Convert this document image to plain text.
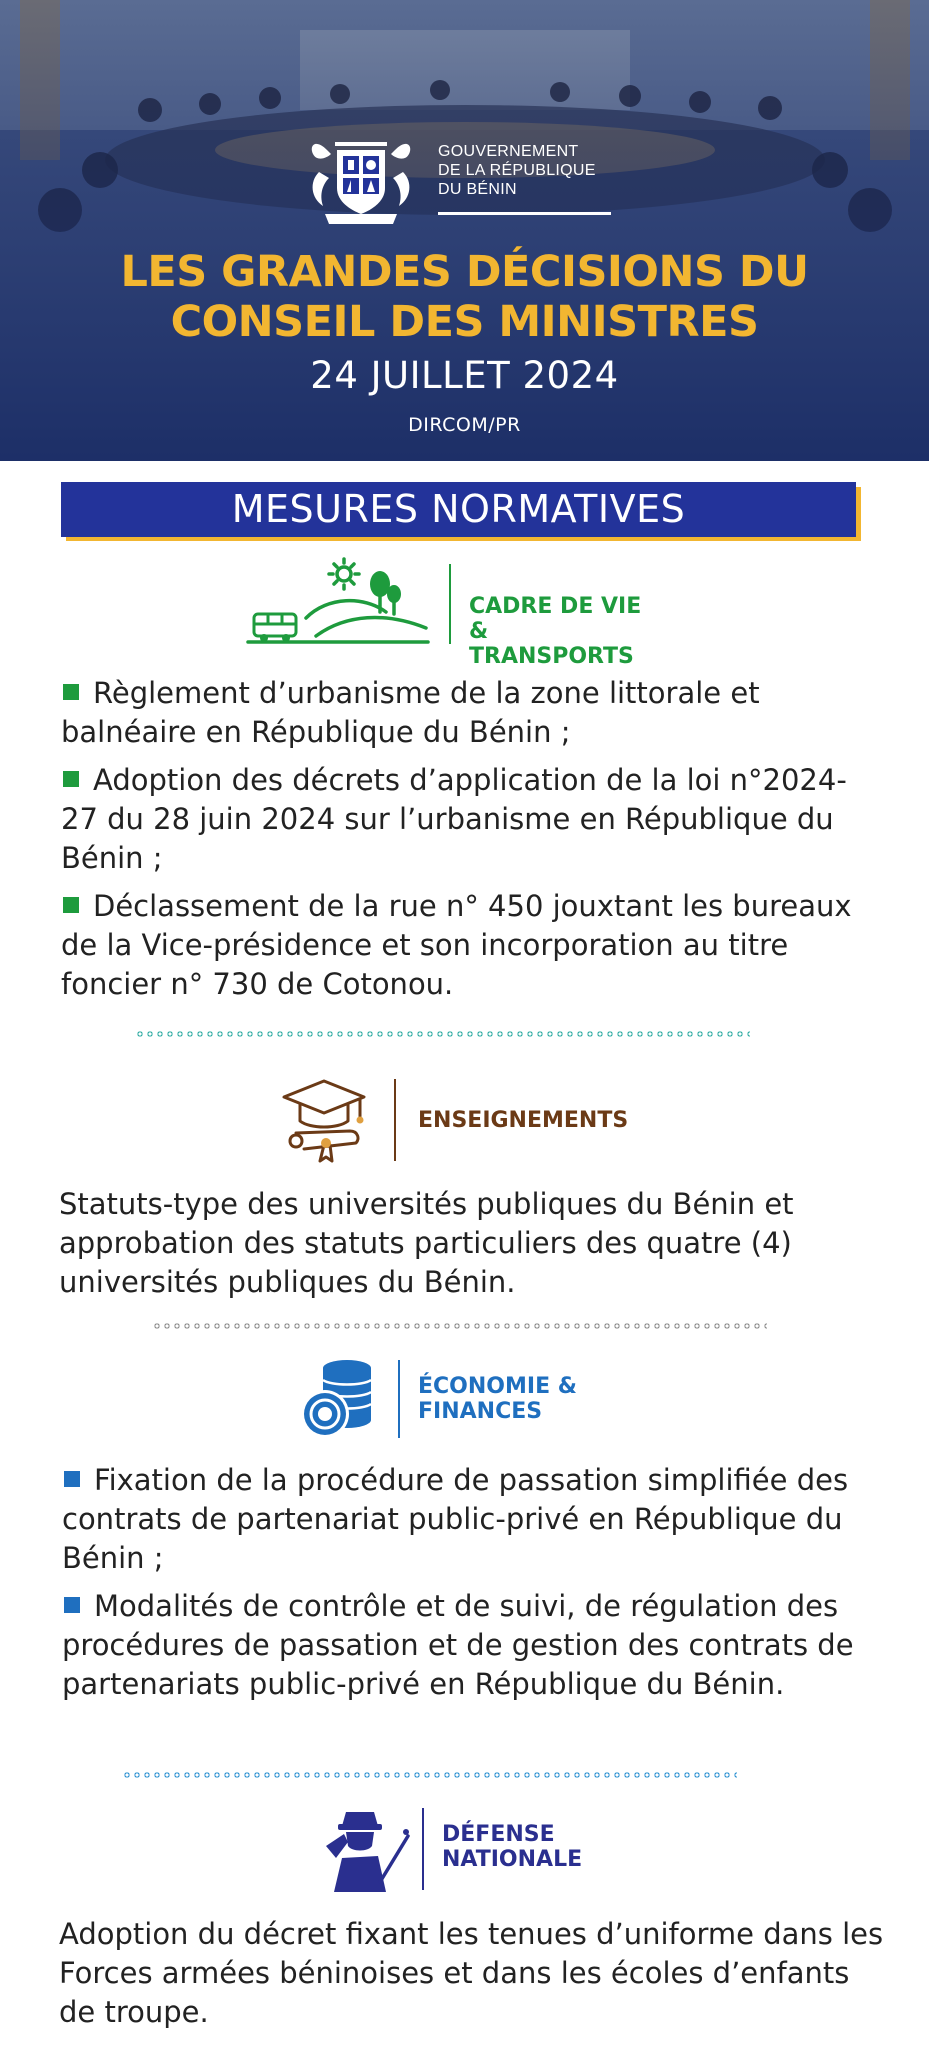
GOUVERNEMENT
DE LA RÉPUBLIQUE
DU BÉNIN
LES GRANDES DÉCISIONS DU
CONSEIL DES MINISTRES
24 JUILLET 2024
DIRCOM/PR
MESURES NORMATIVES
CADRE DE VIE &
TRANSPORTS
Règlement d’urbanisme de la zone littorale et balnéaire en République du Bénin ;
Adoption des décrets d’application de la loi n°2024-27 du 28 juin 2024 sur l’urbanisme en République du Bénin ;
Déclassement de la rue n° 450 jouxtant les bureaux de la Vice-présidence et son incorporation au titre foncier n° 730 de Cotonou.
ENSEIGNEMENTS
Statuts-type des universités publiques du Bénin et approbation des statuts particuliers des quatre (4) universités publiques du Bénin.
ÉCONOMIE &
FINANCES
Fixation de la procédure de passation simplifiée des contrats de partenariat public-privé en République du Bénin ;
Modalités de contrôle et de suivi, de régulation des procédures de passation et de gestion des contrats de partenariats public-privé en République du Bénin.
DÉFENSE
NATIONALE
Adoption du décret fixant les tenues d’uniforme dans les Forces armées béninoises et dans les écoles d’enfants de troupe.
